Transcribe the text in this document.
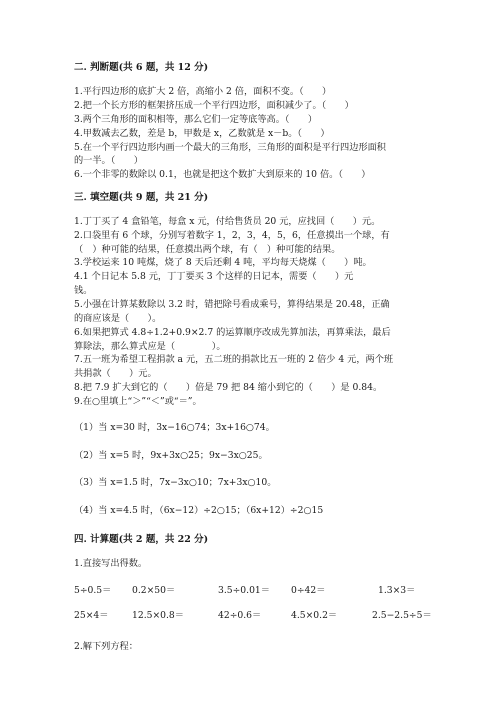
二. 判断题(共 6 题，共 12 分)
1.平行四边形的底扩大 2 倍，高缩小 2 倍，面积不变。（　　）
2.把一个长方形的框架挤压成一个平行四边形，面积减少了。（　　）
3.两个三角形的面积相等，那么它们一定等底等高。（　　）
4.甲数减去乙数，差是 b，甲数是 x，乙数就是 x－b。（　　）
5.在一个平行四边形内画一个最大的三角形，三角形的面积是平行四边形面积
的一半。（　　）
6.一个非零的数除以 0.1，也就是把这个数扩大到原来的 10 倍。（　　）
三. 填空题(共 9 题，共 21 分)
1.丁丁买了 4 盒铅笔，每盒 x 元，付给售货员 20 元，应找回（　　）元。
2.口袋里有 6 个球，分别写着数字 1，2，3，4，5，6，任意摸出一个球，有
（　）种可能的结果，任意摸出两个球，有（　）种可能的结果。
3.学校运来 10 吨煤，烧了 8 天后还剩 4 吨，平均每天烧煤（　　）吨。
4.1 个日记本 5.8 元，丁丁要买 3 个这样的日记本，需要（　　）元
钱。
5.小强在计算某数除以 3.2 时，错把除号看成乘号，算得结果是 20.48，正确
的商应该是（　　）。
6.如果把算式 4.8÷1.2+0.9×2.7 的运算顺序改成先算加法，再算乘法，最后
算除法，那么算式应是（　　　　）。
7.五一班为希望工程捐款 a 元，五二班的捐款比五一班的 2 倍少 4 元，两个班
共捐款（　　）元。
8.把 7.9 扩大到它的（　　）倍是 79 把 84 缩小到它的（　　）是 0.84。
9.在○里填上“＞”“＜”或“＝”。
（1）当 x=30 时，3x−16○74；3x+16○74。
（2）当 x=5 时，9x+3x○25；9x−3x○25。
（3）当 x=1.5 时，7x−3x○10；7x+3x○10。
（4）当 x=4.5 时，（6x−12）÷2○15；（6x+12）÷2○15
四. 计算题(共 2 题，共 22 分)
1.直接写出得数。
5÷0.5＝ 0.2×50＝	3.5÷0.01＝ 0÷42＝	1.3×3＝
25×4＝	12.5×0.8＝	42÷0.6＝	4.5×0.2＝	2.5−2.5÷5＝
2.解下列方程：
